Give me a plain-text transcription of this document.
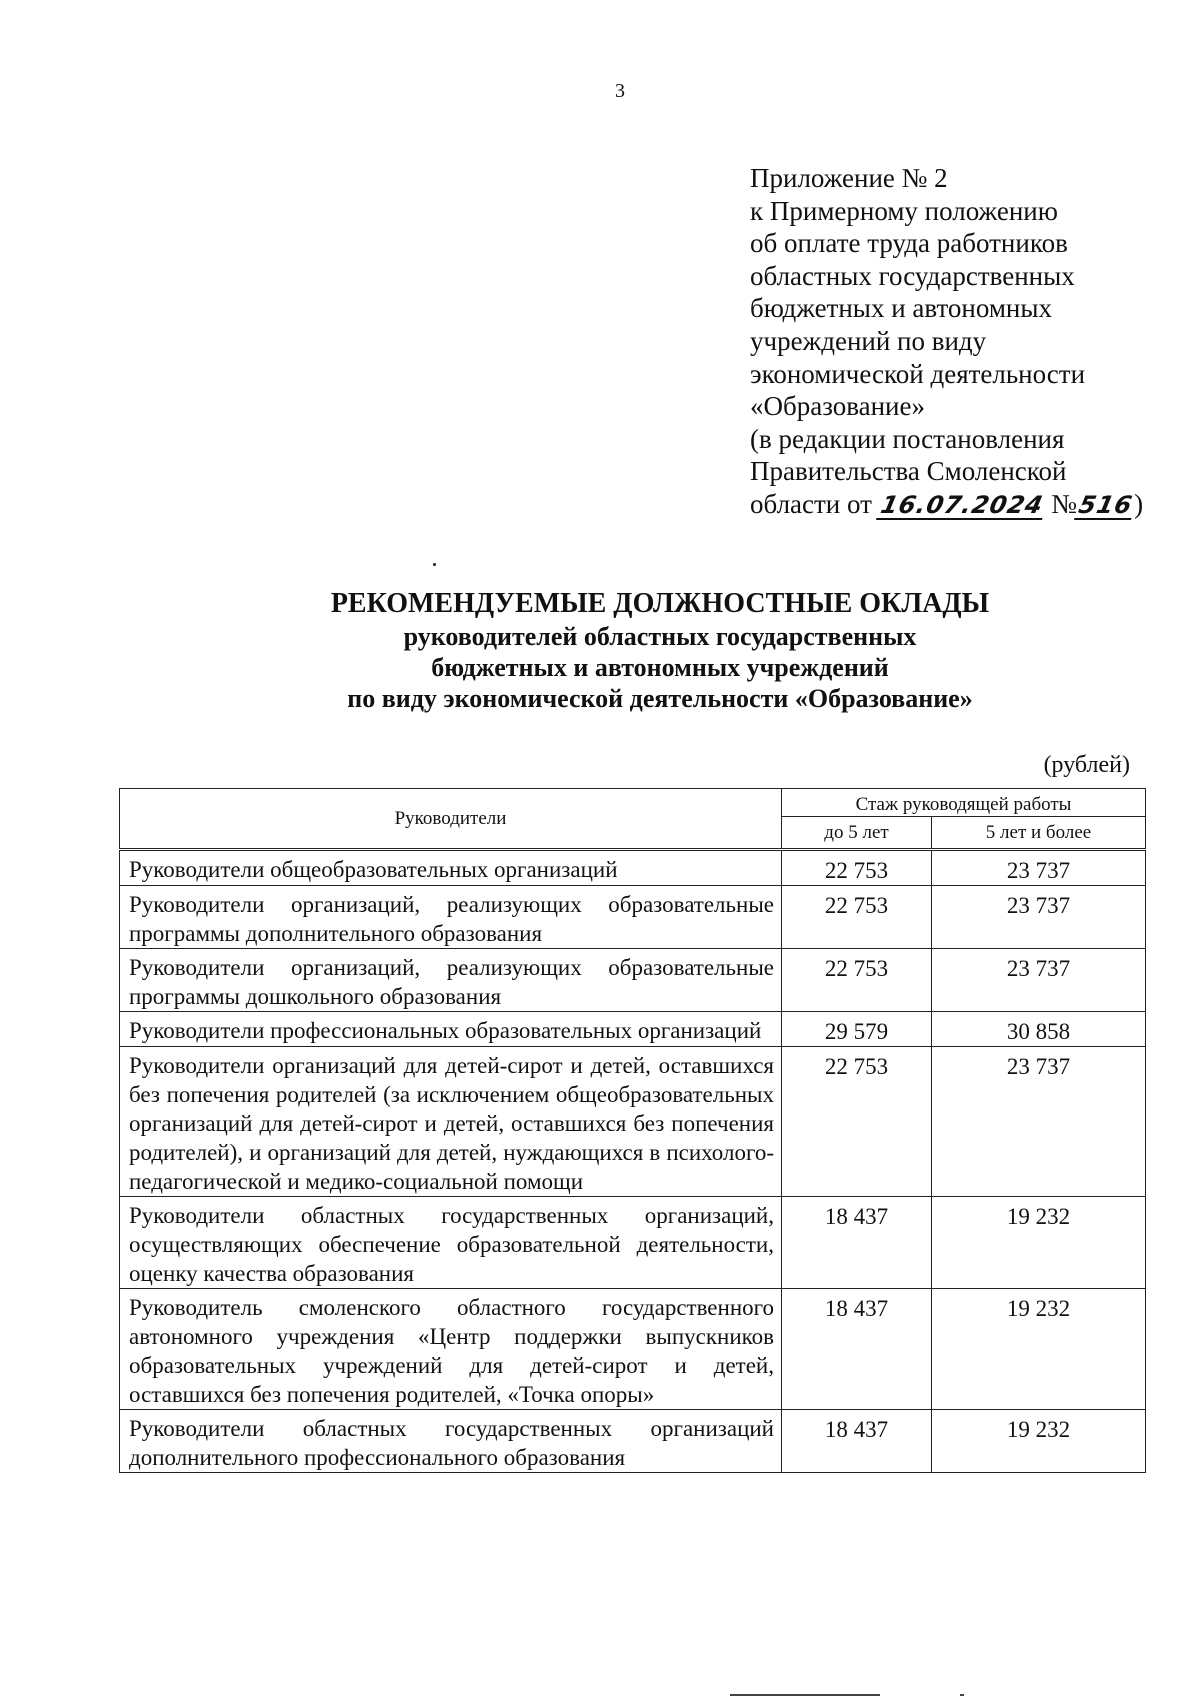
3
Приложение № 2
к Примерному положению
об оплате труда работников
областных государственных
бюджетных и автономных
учреждений по виду
экономической деятельности
«Образование»
(в редакции постановления
Правительства Смоленской
области от 16.07.2024 №516)
РЕКОМЕНДУЕМЫЕ ДОЛЖНОСТНЫЕ ОКЛАДЫ
руководителей областных государственных
бюджетных и автономных учреждений
по виду экономической деятельности «Образование»
(рублей)
Руководители	Стаж руководящей работы	
	до 5 лет	5 лет и более
Руководители общеобразовательных организаций	22 753	23 737
Руководители организаций, реализующих образовательные программы дополнительного образования	22 753	23 737
Руководители организаций, реализующих образовательные программы дошкольного образования	22 753	23 737
Руководители профессиональных образовательных организаций	29 579	30 858
Руководители организаций для детей-сирот и детей, оставшихся без попечения родителей (за исключением общеобразовательных организаций для детей-сирот и детей, оставшихся без попечения родителей), и организаций для детей, нуждающихся в психолого-педагогической и медико-социальной помощи	22 753	23 737
Руководители областных государственных организаций, осуществляющих обеспечение образовательной деятельности, оценку качества образования	18 437	19 232
Руководитель смоленского областного государственного автономного учреждения «Центр поддержки выпускников образовательных учреждений для детей-сирот и детей, оставшихся без попечения родителей, «Точка опоры»	18 437	19 232
Руководители областных государственных организаций дополнительного профессионального образования	18 437	19 232
